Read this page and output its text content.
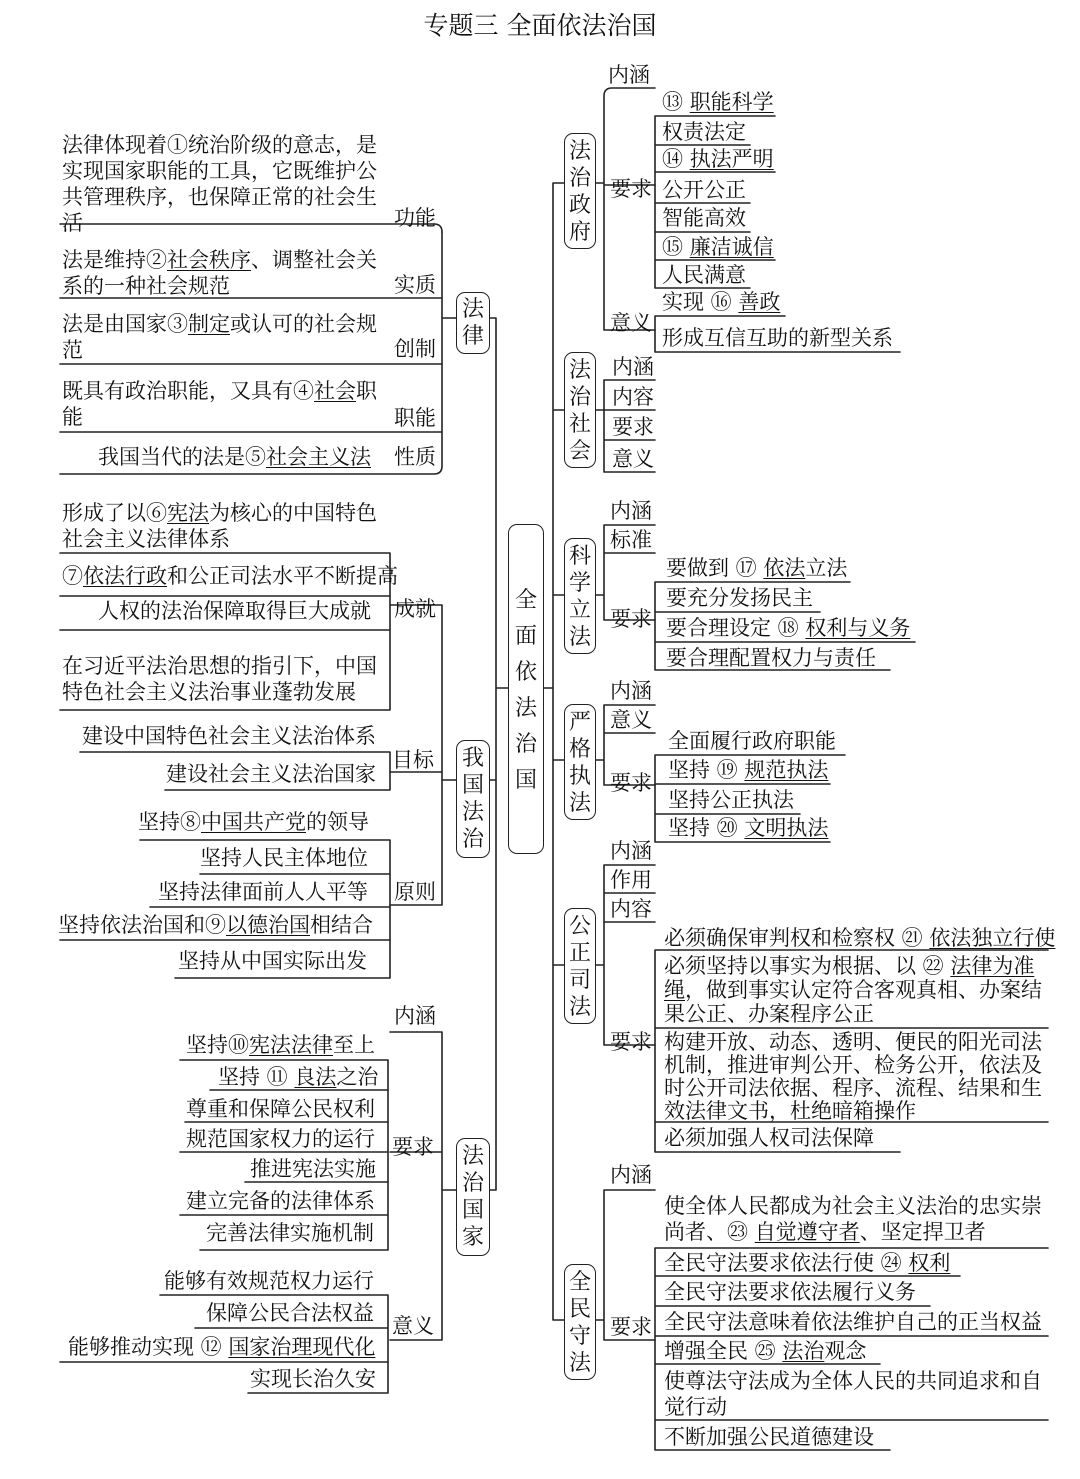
专题三 全面依法治国
全面依法治国
法律
法律体现着①统治阶级的意志，是实现国家职能的工具，它既维护公共管理秩序，也保障正常的社会生活	功能
法是维持②社会秩序、调整社会关系的一种社会规范	实质
法是由国家③制定或认可的社会规范	创制
既具有政治职能，又具有④社会职能	职能
我国当代的法是⑤社会主义法 性质
我国法治
形成了以⑥宪法为核心的中国特色社会主义法律体系
⑦依法行政和公正司法水平不断提高
人权的法治保障取得巨大成就
在习近平法治思想的指引下，中国特色社会主义法治事业蓬勃发展
成就
建设中国特色社会主义法治体系
建设社会主义法治国家
目标
坚持⑧中国共产党的领导
坚持人民主体地位
坚持法律面前人人平等
坚持依法治国和⑨以德治国相结合
坚持从中国实际出发
原则
法治国家
内涵
坚持⑩宪法法律至上
坚持 ⑪ 良法之治
尊重和保障公民权利
规范国家权力的运行
推进宪法实施
建立完备的法律体系
完善法律实施机制
要求
能够有效规范权力运行
保障公民合法权益
能够推动实现 ⑫ 国家治理现代化
实现长治久安
意义
法治政府
内涵
要求
⑬ 职能科学
权责法定
⑭ 执法严明
公开公正
智能高效
⑮ 廉洁诚信
人民满意
意义
实现 ⑯ 善政
形成互信互助的新型关系
法治社会
内涵
内容
要求
意义
科学立法
内涵
标准
要求
要做到 ⑰ 依法立法
要充分发扬民主
要合理设定 ⑱ 权利与义务
要合理配置权力与责任
严格执法
内涵
意义
要求
全面履行政府职能
坚持 ⑲ 规范执法
坚持公正执法
坚持 ⑳ 文明执法
公正司法
内涵
作用
内容
要求
必须确保审判权和检察权 ㉑ 依法独立行使
必须坚持以事实为根据、以 ㉒ 法律为准绳，做到事实认定符合客观真相、办案结果公正、办案程序公正
构建开放、动态、透明、便民的阳光司法机制，推进审判公开、检务公开，依法及时公开司法依据、程序、流程、结果和生效法律文书，杜绝暗箱操作
必须加强人权司法保障
全民守法
内涵
要求
使全体人民都成为社会主义法治的忠实崇尚者、㉓ 自觉遵守者、坚定捍卫者
全民守法要求依法行使 ㉔ 权利
全民守法要求依法履行义务
全民守法意味着依法维护自己的正当权益
增强全民 ㉕ 法治观念
使尊法守法成为全体人民的共同追求和自觉行动
不断加强公民道德建设
